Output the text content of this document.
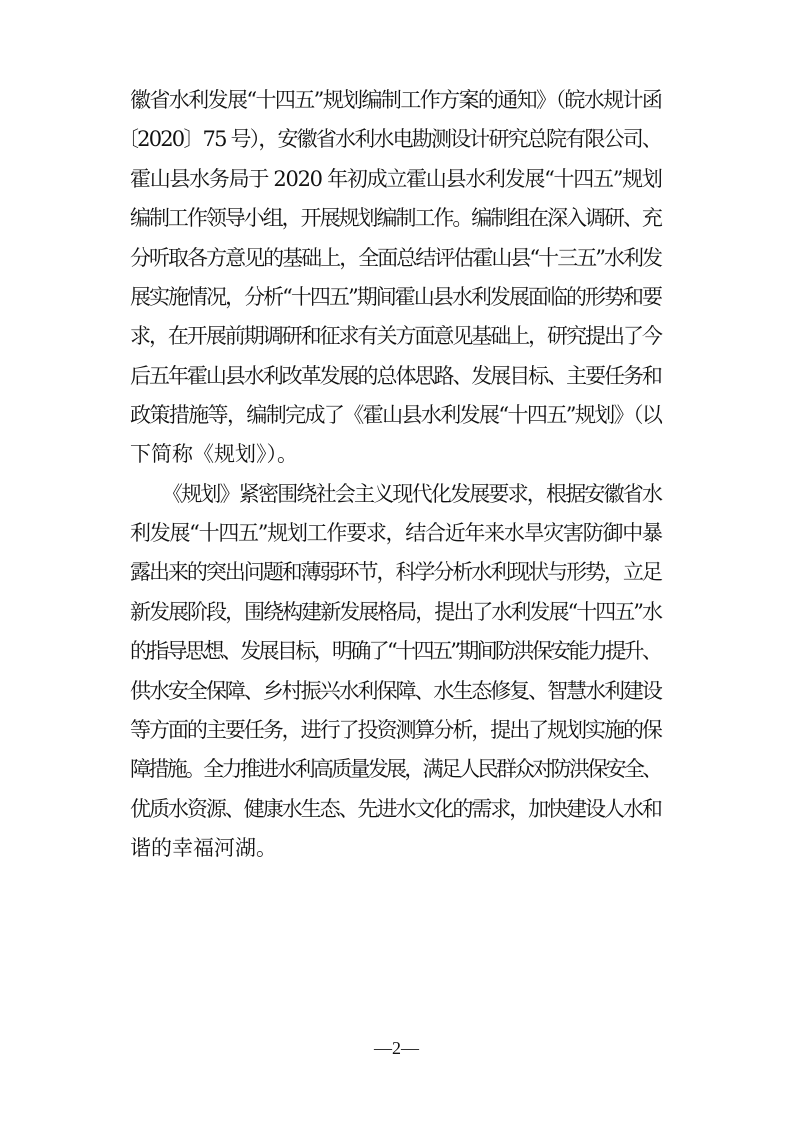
徽省水利发展“十四五”规划编制工作方案的通知》（皖水规计函
〔2020〕75 号），安徽省水利水电勘测设计研究总院有限公司、
霍山县水务局于 2020 年初成立霍山县水利发展“十四五”规划
编制工作领导小组，开展规划编制工作。编制组在深入调研、充
分听取各方意见的基础上，全面总结评估霍山县“十三五”水利发
展实施情况，分析“十四五”期间霍山县水利发展面临的形势和要
求，在开展前期调研和征求有关方面意见基础上，研究提出了今
后五年霍山县水利改革发展的总体思路、发展目标、主要任务和
政策措施等，编制完成了《霍山县水利发展“十四五”规划》（以
下简称《规划》）。
《规划》紧密围绕社会主义现代化发展要求，根据安徽省水
利发展“十四五”规划工作要求，结合近年来水旱灾害防御中暴
露出来的突出问题和薄弱环节，科学分析水利现状与形势，立足
新发展阶段，围绕构建新发展格局，提出了水利发展“十四五”水
的指导思想、发展目标，明确了“十四五”期间防洪保安能力提升、
供水安全保障、乡村振兴水利保障、水生态修复、智慧水利建设
等方面的主要任务，进行了投资测算分析，提出了规划实施的保
障措施。全力推进水利高质量发展，满足人民群众对防洪保安全、
优质水资源、健康水生态、先进水文化的需求，加快建设人水和
谐的幸福河湖。
—2—
